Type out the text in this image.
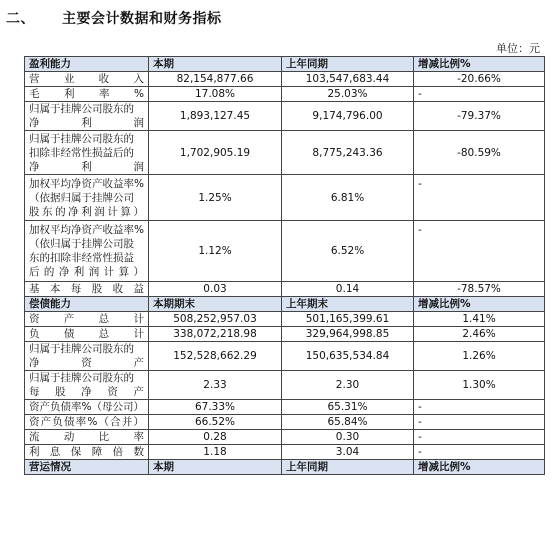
二、 主要会计数据和财务指标
单位：元
盈利能力	本期	上年同期	增减比例%
营业收入	82,154,877.66	103,547,683.44	-20.66%
毛利率%	17.08%	25.03%	-
归属于挂牌公司股东的净利润	1,893,127.45	9,174,796.00	-79.37%
归属于挂牌公司股东的扣除非经常性损益后的净利润	1,702,905.19	8,775,243.36	-80.59%
加权平均净资产收益率%（依据归属于挂牌公司股东的净利润计算）	1.25%	6.81%	-
加权平均净资产收益率%（依归属于挂牌公司股东的扣除非经常性损益后的净利润计算）	1.12%	6.52%	-
基本每股收益	0.03	0.14	-78.57%
偿债能力	本期期末	上年期末	增减比例%
资产总计	508,252,957.03	501,165,399.61	1.41%
负债总计	338,072,218.98	329,964,998.85	2.46%
归属于挂牌公司股东的净资产	152,528,662.29	150,635,534.84	1.26%
归属于挂牌公司股东的每股净资产	2.33	2.30	1.30%
资产负债率%（母公司）	67.33%	65.31%	-
资产负债率%（合并）	66.52%	65.84%	-
流动比率	0.28	0.30	-
利息保障倍数	1.18	3.04	-
营运情况	本期	上年同期	增减比例%
